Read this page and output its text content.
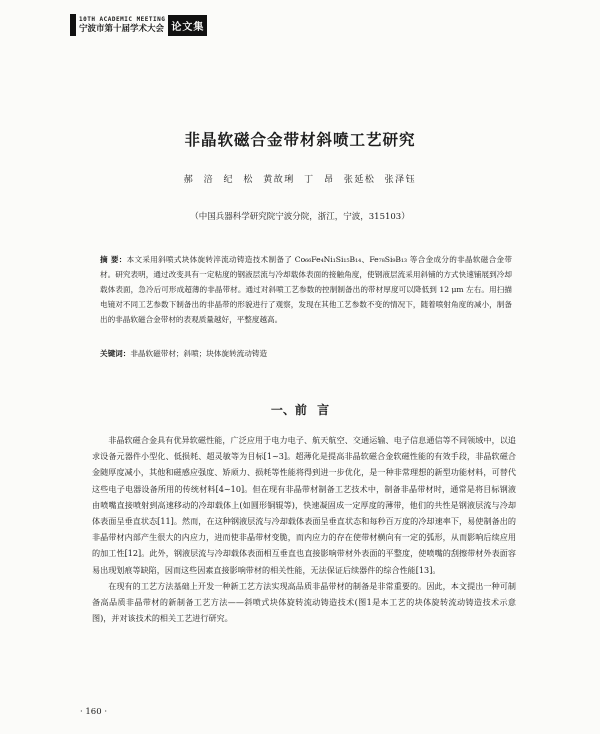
10TH ACADEMIC MEETING
宁波市第十届学术大会 论文集
非晶软磁合金带材斜喷工艺研究
郝 涪 纪 松 黄故琍 丁 昂 张延松 张泽钰
（中国兵器科学研究院宁波分院，浙江，宁波，315103）
摘 要：本文采用斜喷式块体旋转淬流动铸造技术制备了 Co₆₆Fe₄Ni₁Si₁₅B₁₄、Fe₇₈Si₉B₁₃ 等合金成分的非晶软磁合金带材。研究表明，通过改变具有一定粘度的钢液层流与冷却载体表面的接触角度，使钢液层流采用斜铺的方式快速铺展到冷却载体表面，急冷后可形成超薄的非晶带材。通过对斜喷工艺参数的控制制备出的带材厚度可以降低到 12 μm 左右。用扫描电镜对不同工艺参数下制备出的非晶带的形貌进行了观察，发现在其他工艺参数不变的情况下，随着喷射角度的减小，制备出的非晶软磁合金带材的表观质量越好，平整度越高。
关键词：非晶软磁带材；斜喷；块体旋转流动铸造
一、前 言

非晶软磁合金具有优异软磁性能，广泛应用于电力电子、航天航空、交通运输、电子信息通信等不同领域中，以追求设备元器件小型化、低损耗、超灵敏等为目标[1~3]。超薄化是提高非晶软磁合金软磁性能的有效手段，非晶软磁合金随厚度减小，其他和磁感应强度、矫顽力、损耗等性能将得到进一步优化，是一种非常理想的新型功能材料，可替代这些电子电器设备所用的传统材料[4~10]。但在现有非晶带材制备工艺技术中，制备非晶带材时，通常是将目标钢液由喷嘴直接喷射到高速移动的冷却载体上(如圆形铜辊等)，快速凝固成一定厚度的薄带，他们的共性是钢液层流与冷却体表面呈垂直状态[11]。然而，在这种钢液层流与冷却载体表面呈垂直状态和每秒百万度的冷却速率下，易使制备出的非晶带材内部产生很大的内应力，进而使非晶带材变脆，而内应力的存在使带材横向有一定的弧形，从而影响后续应用的加工性[12]。此外，钢液层流与冷却载体表面相互垂直也直接影响带材外表面的平整度，使喷嘴的刮擦带材外表面容易出现划痕等缺陷，因而这些因素直接影响带材的相关性能，无法保证后续器件的综合性能[13]。

在现有的工艺方法基础上开发一种新工艺方法实现高品质非晶带材的制备是非常重要的。因此，本文提出一种可制备高品质非晶带材的新制备工艺方法——斜喷式块体旋转流动铸造技术(图1是本工艺的块体旋转流动铸造技术示意图)，并对该技术的相关工艺进行研究。

· 160 ·
